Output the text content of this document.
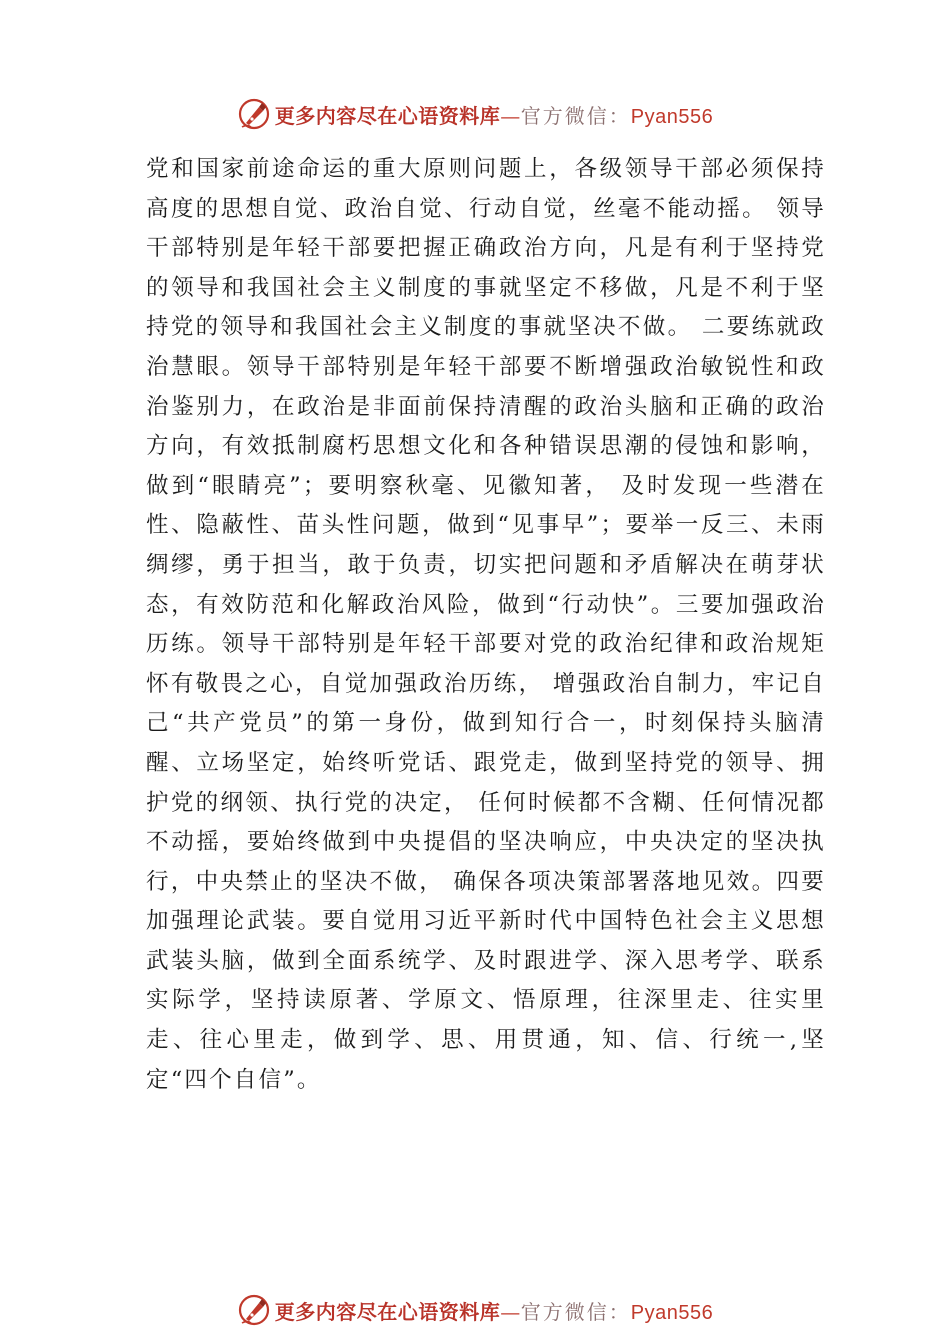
更多内容尽在心语资料库—官方微信：Pyan556

党和国家前途命运的重大原则问题上，各级领导干部必须保持高度的思想自觉、政治自觉、行动自觉，丝毫不能动摇。 领导干部特别是年轻干部要把握正确政治方向，凡是有利于坚持党的领导和我国社会主义制度的事就坚定不移做，凡是不利于坚持党的领导和我国社会主义制度的事就坚决不做。 二要练就政治慧眼。领导干部特别是年轻干部要不断增强政治敏锐性和政治鉴别力，在政治是非面前保持清醒的政治头脑和正确的政治方向，有效抵制腐朽思想文化和各种错误思潮的侵蚀和影响，做到“眼睛亮”；要明察秋毫、见徽知著， 及时发现一些潜在性、隐蔽性、苗头性问题，做到“见事早”；要举一反三、未雨绸缪，勇于担当，敢于负责，切实把问题和矛盾解决在萌芽状态，有效防范和化解政治风险，做到“行动快”。三要加强政治历练。领导干部特别是年轻干部要对党的政治纪律和政治规矩怀有敬畏之心，自觉加强政治历练， 增强政治自制力，牢记自己“共产党员”的第一身份，做到知行合一，时刻保持头脑清醒、立场坚定，始终听党话、跟党走，做到坚持党的领导、拥护党的纲领、执行党的决定， 任何时候都不含糊、任何情况都不动摇，要始终做到中央提倡的坚决响应，中央决定的坚决执行，中央禁止的坚决不做， 确保各项决策部署落地见效。四要加强理论武装。要自觉用习近平新时代中国特色社会主义思想武装头脑，做到全面系统学、及时跟进学、深入思考学、联系实际学，坚持读原著、学原文、悟原理，往深里走、往实里走、往心里走，做到学、思、用贯通，知、信、行统一,坚定“四个自信”。

更多内容尽在心语资料库—官方微信：Pyan556
